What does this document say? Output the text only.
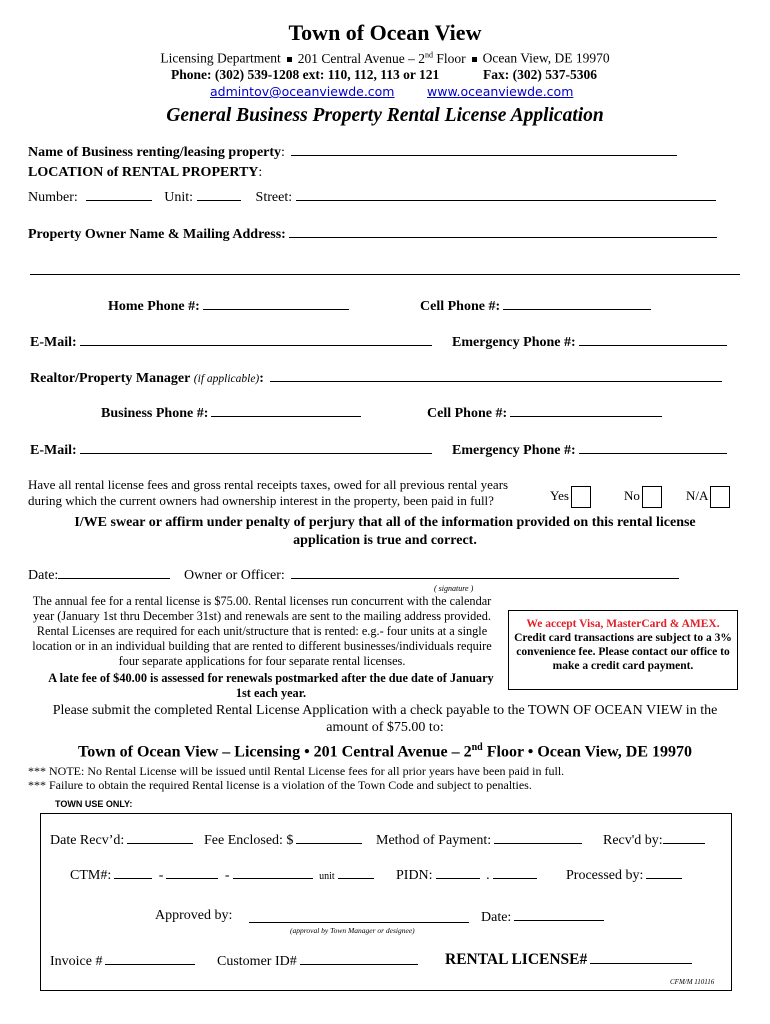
Town of Ocean View
Licensing Department 201 Central Avenue – 2nd Floor Ocean View, DE 19970
Phone: (302) 539-1208 ext: 110, 112, 113 or 121	Fax: (302) 537-5306
admintov@oceanviewde.com	www.oceanviewde.com
General Business Property Rental License Application
Name of Business renting/leasing property:
LOCATION of RENTAL PROPERTY:
Number:	Unit:	Street:
Property Owner Name & Mailing Address:
Home Phone #:	Cell Phone #:
E-Mail:	Emergency Phone #:
Realtor/Property Manager (if applicable):
Business Phone #:	Cell Phone #:
E-Mail:	Emergency Phone #:
Have all rental license fees and gross rental receipts taxes, owed for all previous rental years
during which the current owners had ownership interest in the property, been paid in full?	Yes	No	N/A
I/WE swear or affirm under penalty of perjury that all of the information provided on this rental license
application is true and correct.
Date:	Owner or Officer:
( signature )
The annual fee for a rental license is $75.00. Rental licenses run concurrent with the calendar year (January 1st thru December 31st) and renewals are sent to the mailing address provided. Rental Licenses are required for each unit/structure that is rented: e.g.- four units at a single location or in an individual building that are rented to different businesses/individuals require four separate applications for four separate rental licenses.
A late fee of $40.00 is assessed for renewals postmarked after the due date of January 1st each year.
We accept Visa, MasterCard & AMEX.
Credit card transactions are subject to a 3% convenience fee. Please contact our office to make a credit card payment.
Please submit the completed Rental License Application with a check payable to the TOWN OF OCEAN VIEW in the amount of $75.00 to:
Town of Ocean View – Licensing • 201 Central Avenue – 2nd Floor • Ocean View, DE 19970
*** NOTE: No Rental License will be issued until Rental License fees for all prior years have been paid in full.
*** Failure to obtain the required Rental license is a violation of the Town Code and subject to penalties.
TOWN USE ONLY:
Date Recv’d:	Fee Enclosed: $	Method of Payment:	Recv'd by:
CTM#:	-	-	unit	PIDN:	.	Processed by:
Approved by:
(approval by Town Manager or designee)
Date:
Invoice #	Customer ID#	RENTAL LICENSE#
CFM/M 110116
